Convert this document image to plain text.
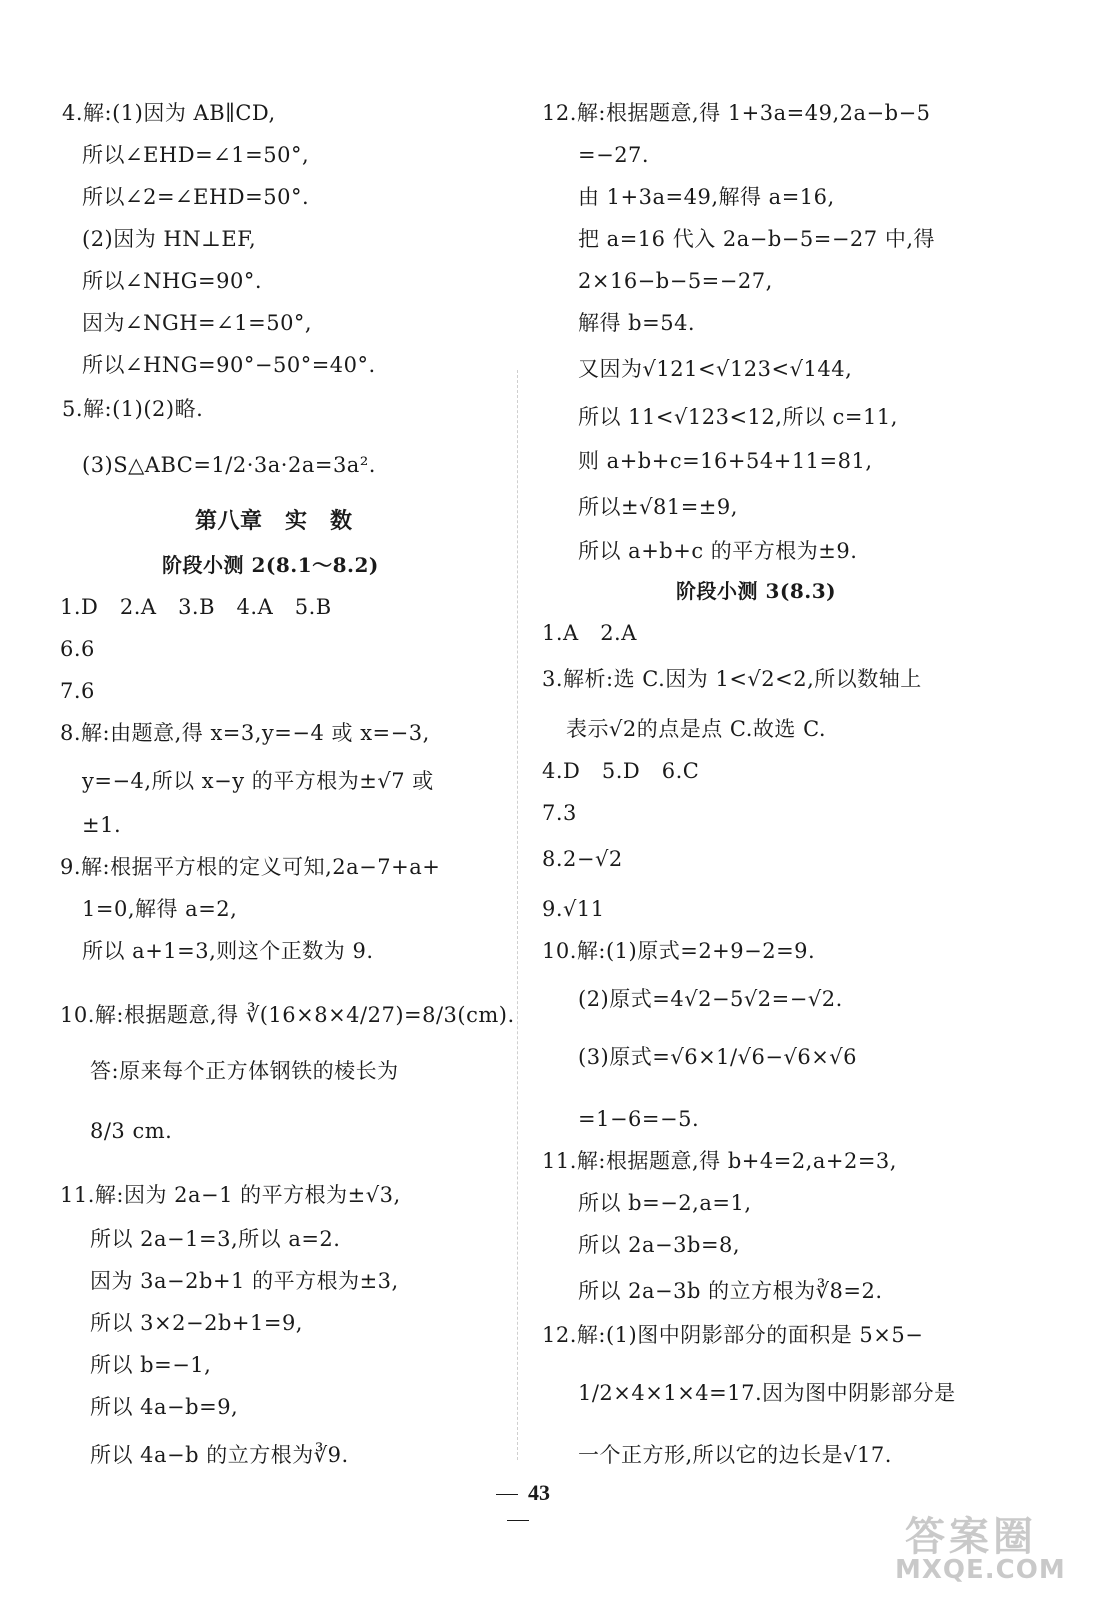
4.解:(1)因为 AB∥CD,
所以∠EHD=∠1=50°,
所以∠2=∠EHD=50°.
(2)因为 HN⊥EF,
所以∠NHG=90°.
因为∠NGH=∠1=50°,
所以∠HNG=90°−50°=40°.
5.解:(1)(2)略.
(3)S△ABC=1/2·3a·2a=3a².
第八章　实　数
阶段小测 2(8.1～8.2)
1.D　2.A　3.B　4.A　5.B
6.6
7.6
8.解:由题意,得 x=3,y=−4 或 x=−3,
y=−4,所以 x−y 的平方根为±√7 或
±1.
9.解:根据平方根的定义可知,2a−7+a+
1=0,解得 a=2,
所以 a+1=3,则这个正数为 9.
10.解:根据题意,得 ∛(16×8×4/27)=8/3(cm).
答:原来每个正方体钢铁的棱长为
8/3 cm.
11.解:因为 2a−1 的平方根为±√3,
所以 2a−1=3,所以 a=2.
因为 3a−2b+1 的平方根为±3,
所以 3×2−2b+1=9,
所以 b=−1,
所以 4a−b=9,
所以 4a−b 的立方根为∛9.
12.解:根据题意,得 1+3a=49,2a−b−5
=−27.
由 1+3a=49,解得 a=16,
把 a=16 代入 2a−b−5=−27 中,得
2×16−b−5=−27,
解得 b=54.
又因为√121<√123<√144,
所以 11<√123<12,所以 c=11,
则 a+b+c=16+54+11=81,
所以±√81=±9,
所以 a+b+c 的平方根为±9.
阶段小测 3(8.3)
1.A　2.A
3.解析:选 C.因为 1<√2<2,所以数轴上
表示√2的点是点 C.故选 C.
4.D　5.D　6.C
7.3
8.2−√2
9.√11
10.解:(1)原式=2+9−2=9.
(2)原式=4√2−5√2=−√2.
(3)原式=√6×1/√6−√6×√6
=1−6=−5.
11.解:根据题意,得 b+4=2,a+2=3,
所以 b=−2,a=1,
所以 2a−3b=8,
所以 2a−3b 的立方根为∛8=2.
12.解:(1)图中阴影部分的面积是 5×5−
1/2×4×1×4=17.因为图中阴影部分是
一个正方形,所以它的边长是√17.
43
答案圈
MXQE.COM
